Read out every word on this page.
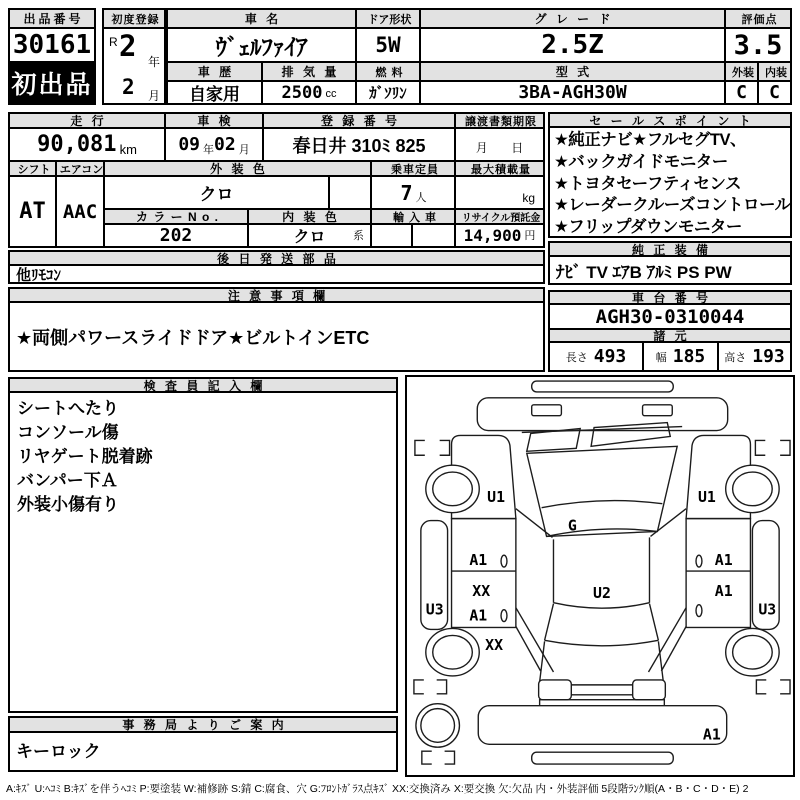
出品番号
30161
初出品
初度登録
R 2 年
2 月
車 名
ｳﾞｪﾙﾌｧｲｱ
車 歴	排 気 量
自家用	2500 cc
ドア形状
5W
燃 料
ｶﾞｿﾘﾝ
グ レ ー ド
2.5Z
型 式
3BA-AGH30W
評価点
3.5
外装	内装
C	C
走 行	車 検	登 録 番 号	譲渡書類期限
90,081 km 09 年 02 月	春日井 310ﾐ 825	月 日
シフト エアコン	外 装 色	乗車定員	最大積載量
AT AAC
クロ	7 人	kg
カ ラ ー N o .	内 装 色	輸 入 車	リサイクル預託金
202	クロ	系	14,900 円
後 日 発 送 部 品
他ﾘﾓｺﾝ
注 意 事 項 欄
★両側パワースライドドア★ビルトインETC
検 査 員 記 入 欄
シートへたり
コンソール傷
リヤゲート脱着跡
バンパー下Ａ
外装小傷有り
事 務 局 よ り ご 案 内
キーロック
セ ー ル ス ポ イ ン ト
★純正ナビ★フルセグTV、
★バックガイドモニター
★トヨタセーフティセンス
★レーダークルーズコントロール
★フリップダウンモニター
純 正 装 備
ﾅﾋﾞ TV ｴｱB ｱﾙﾐ PS PW
車 台 番 号
AGH30-0310044
諸 元
長さ 493	幅 185 高さ 193
U1	U1
G
A1	A1
XX	U2	A1
U3 A1	U3
XX
A1
A:ｷｽﾞ U:ﾍｺﾐ B:ｷｽﾞを伴うﾍｺﾐ P:要塗装 W:補修跡 S:錆 C:腐食、穴 G:ﾌﾛﾝﾄｶﾞﾗｽ点ｷｽﾞ XX:交換済み X:要交換 欠:欠品 内・外装評価 5段階ﾗﾝｸ順(A・B・C・D・E) 2
